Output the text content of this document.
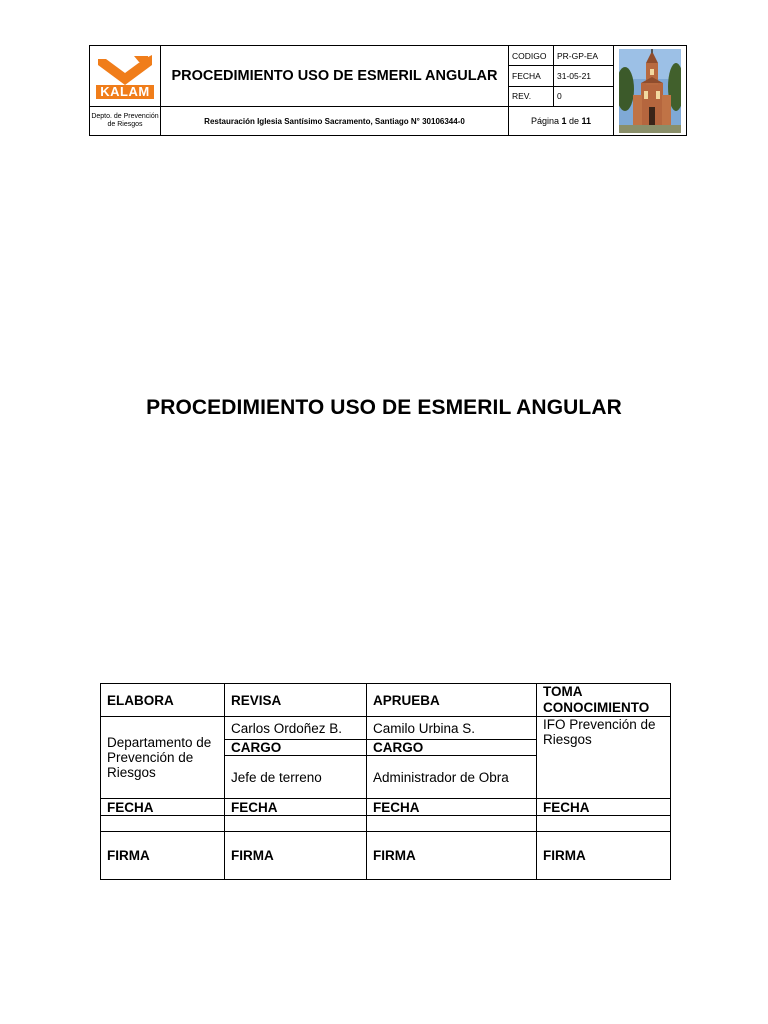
KALAM	PROCEDIMIENTO USO DE ESMERIL ANGULAR	CODIGO	PR-GP-EA	

		FECHA	31-05-21	
		REV.	0	
Depto. de Prevención de Riesgos	Restauración Iglesia Santísimo Sacramento, Santiago N° 30106344-0	Página 1 de 11		
PROCEDIMIENTO USO DE ESMERIL ANGULAR
ELABORA	REVISA	APRUEBA	TOMA CONOCIMIENTO
Departamento de Prevención de Riesgos	Carlos Ordoñez B.	Camilo Urbina S.	IFO Prevención de Riesgos
	CARGO	CARGO	
	Jefe de terreno	Administrador de Obra	
FECHA	FECHA	FECHA	FECHA

FIRMA	FIRMA	FIRMA	FIRMA
